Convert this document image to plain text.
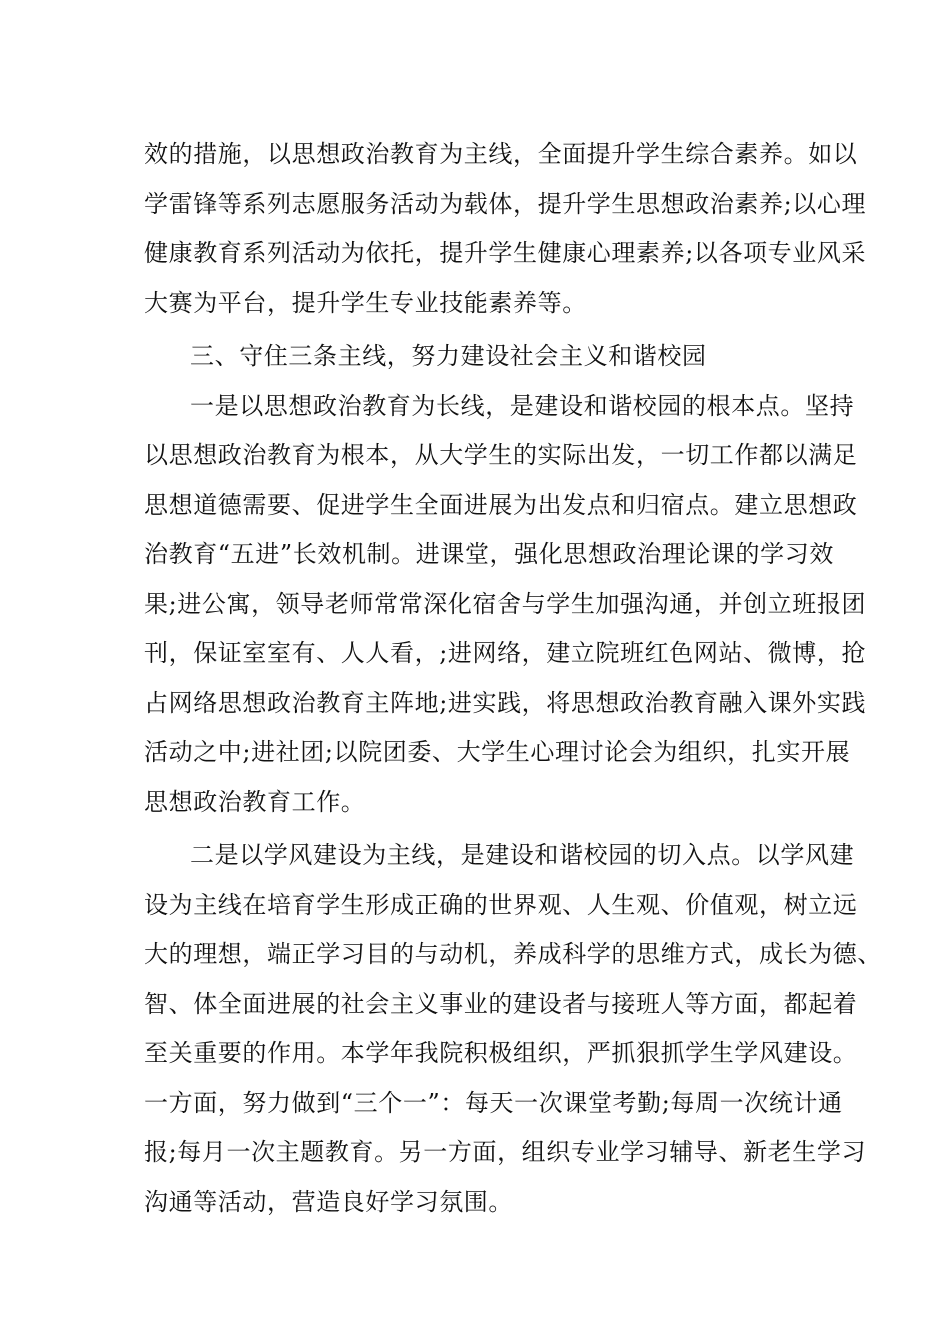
效的措施，以思想政治教育为主线，全面提升学生综合素养。如以
学雷锋等系列志愿服务活动为载体，提升学生思想政治素养;以心理
健康教育系列活动为依托，提升学生健康心理素养;以各项专业风采
大赛为平台，提升学生专业技能素养等。
三、守住三条主线，努力建设社会主义和谐校园
一是以思想政治教育为长线，是建设和谐校园的根本点。坚持
以思想政治教育为根本，从大学生的实际出发，一切工作都以满足
思想道德需要、促进学生全面进展为出发点和归宿点。建立思想政
治教育“五进”长效机制。进课堂，强化思想政治理论课的学习效
果;进公寓，领导老师常常深化宿舍与学生加强沟通，并创立班报团
刊，保证室室有、人人看，;进网络，建立院班红色网站、微博，抢
占网络思想政治教育主阵地;进实践，将思想政治教育融入课外实践
活动之中;进社团;以院团委、大学生心理讨论会为组织，扎实开展
思想政治教育工作。
二是以学风建设为主线，是建设和谐校园的切入点。以学风建
设为主线在培育学生形成正确的世界观、人生观、价值观，树立远
大的理想，端正学习目的与动机，养成科学的思维方式，成长为德、
智、体全面进展的社会主义事业的建设者与接班人等方面，都起着
至关重要的作用。本学年我院积极组织，严抓狠抓学生学风建设。
一方面，努力做到“三个一”：每天一次课堂考勤;每周一次统计通
报;每月一次主题教育。另一方面，组织专业学习辅导、新老生学习
沟通等活动，营造良好学习氛围。
